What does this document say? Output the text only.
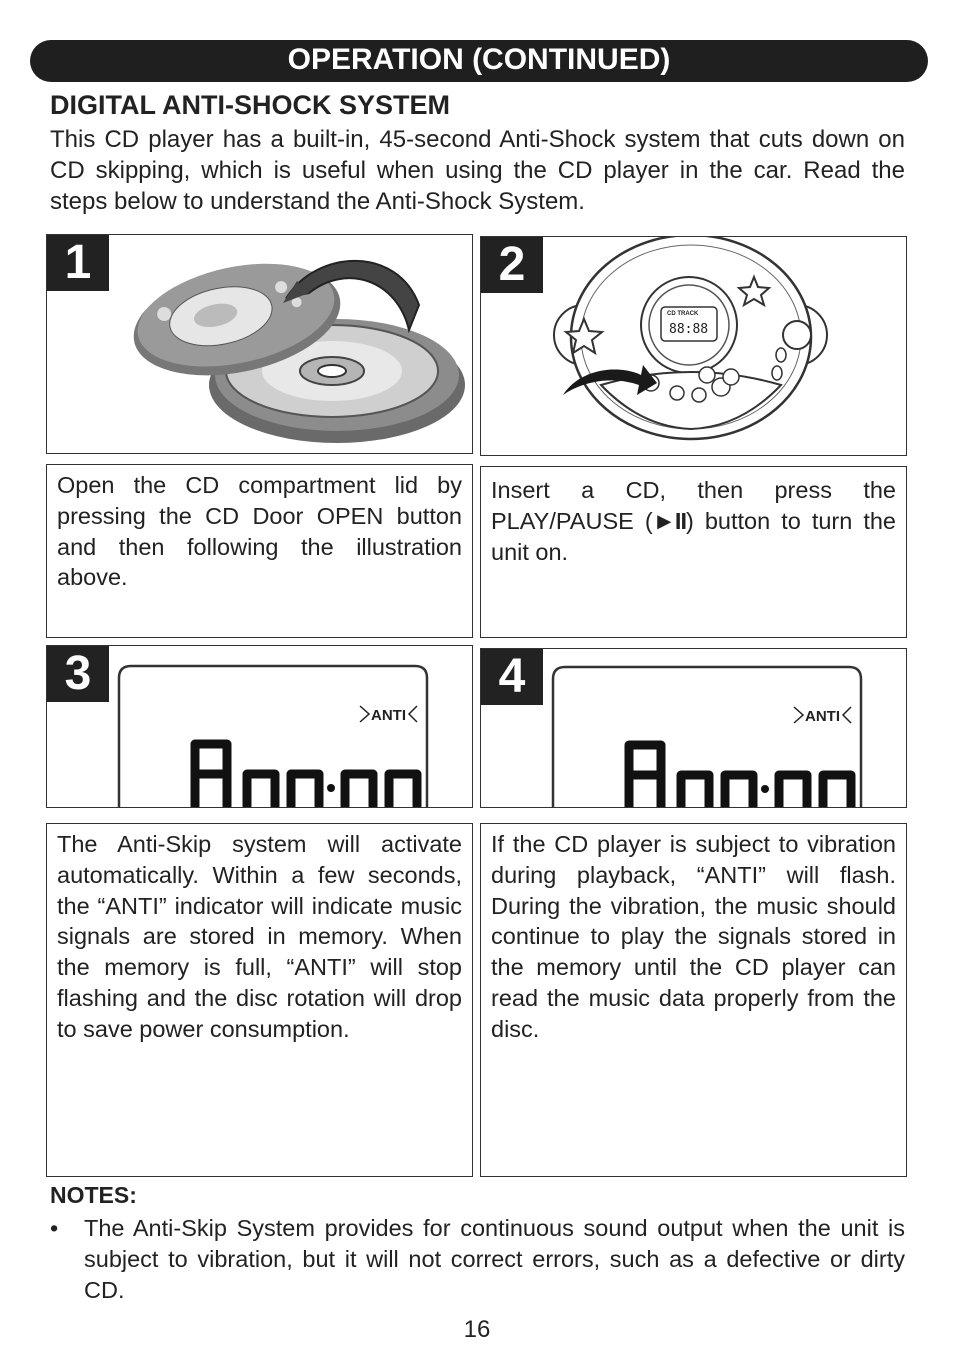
OPERATION (CONTINUED)
DIGITAL ANTI-SHOCK SYSTEM
This CD player has a built-in, 45-second Anti-Shock system that cuts down on CD skipping, which is useful when using the CD player in the car. Read the steps below to understand the Anti-Shock System.
1	2
CD TRACK
88:88
Open the CD compartment lid by pressing the CD Door OPEN button and then following the illustration above.
Insert a CD, then press the PLAY/PAUSE (►II) button to turn the unit on.
3
ANTI
4
ANTI
The Anti-Skip system will activate automatically. Within a few seconds, the “ANTI” indicator will indicate music signals are stored in memory. When the memory is full, “ANTI” will stop flashing and the disc rotation will drop to save power consumption.
If the CD player is subject to vibration during playback, “ANTI” will flash. During the vibration, the music should continue to play the signals stored in the memory until the CD player can read the music data properly from the disc.
NOTES:
• The Anti-Skip System provides for continuous sound output when the unit is subject to vibration, but it will not correct errors, such as a defective or dirty CD.
16
